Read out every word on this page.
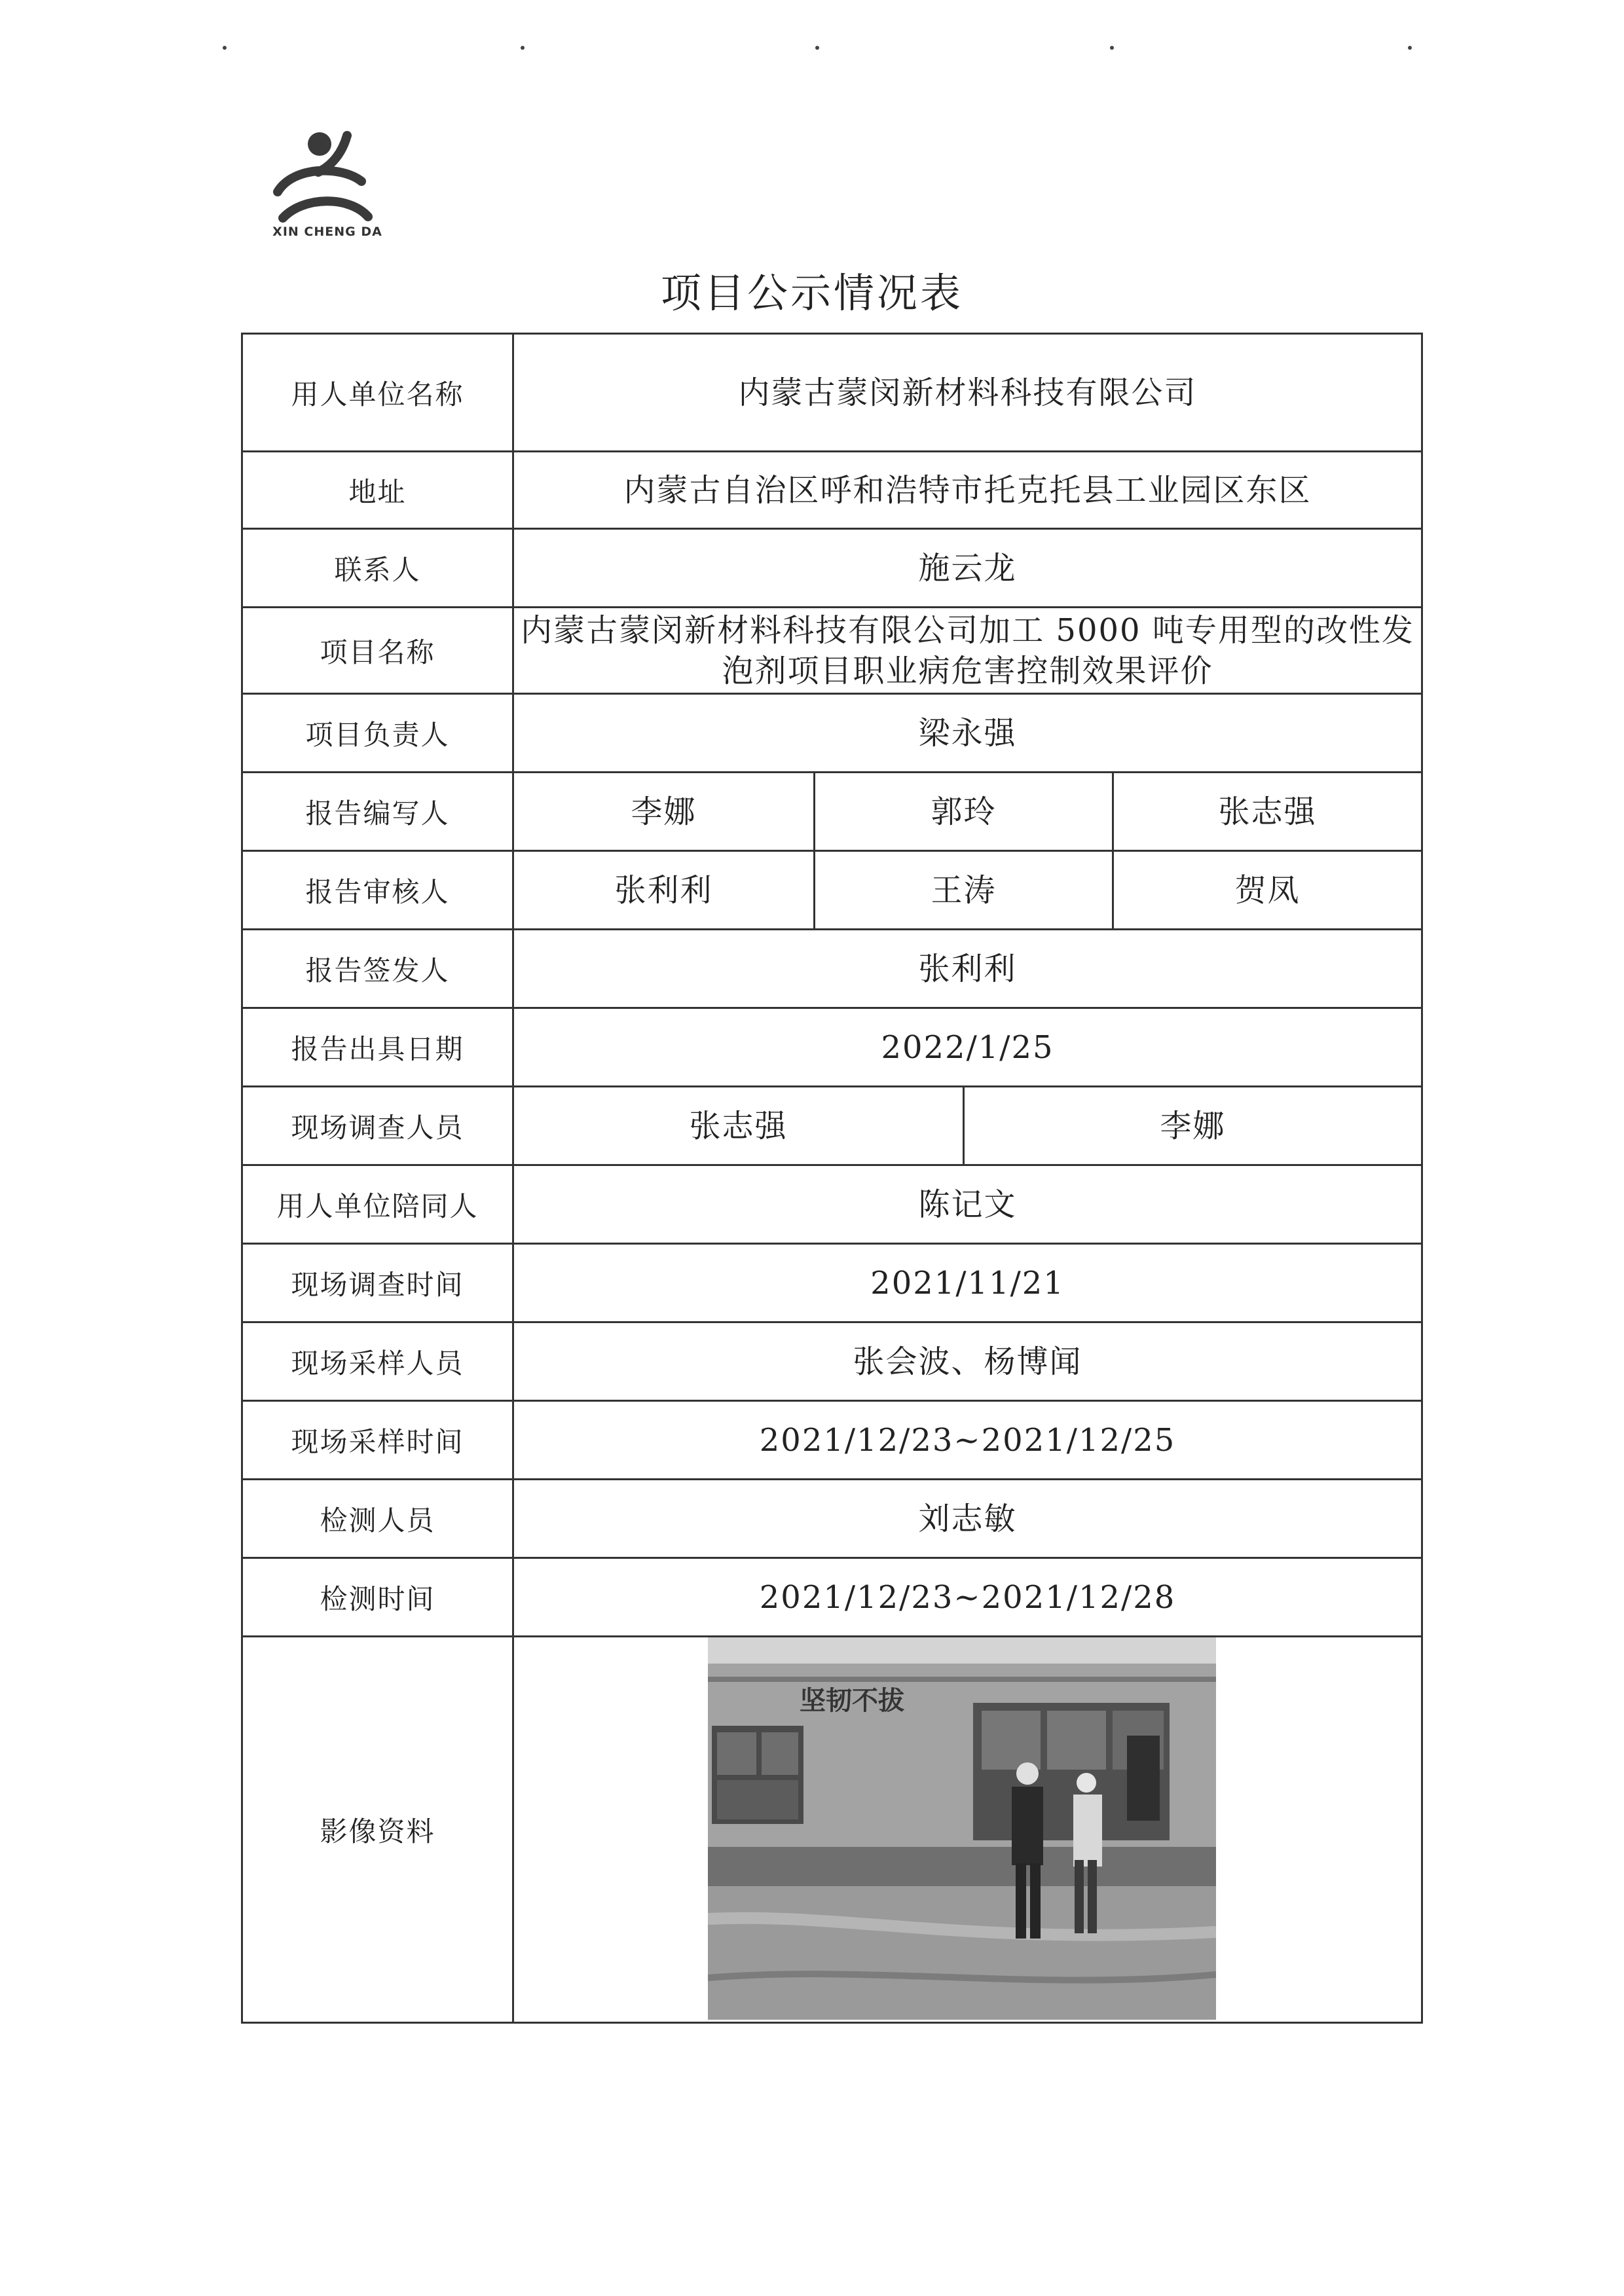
XIN CHENG DA
项目公示情况表
用人单位名称	内蒙古蒙闵新材料科技有限公司			
地址	内蒙古自治区呼和浩特市托克托县工业园区东区			
联系人	施云龙			
项目名称	内蒙古蒙闵新材料科技有限公司加工 5000 吨专用型的改性发
泡剂项目职业病危害控制效果评价			

项目负责人	梁永强			
报告编写人	李娜	郭玲		张志强
报告审核人	张利利	王涛		贺凤
报告签发人	张利利			
报告出具日期	2022/1/25			
现场调查人员	张志强		李娜	
用人单位陪同人	陈记文			
现场调查时间	2021/11/21			
现场采样人员	张会波、杨博闻			
现场采样时间	2021/12/23~2021/12/25			
检测人员	刘志敏			
检测时间	2021/12/23~2021/12/28			
影像资料	坚韧不拔			
